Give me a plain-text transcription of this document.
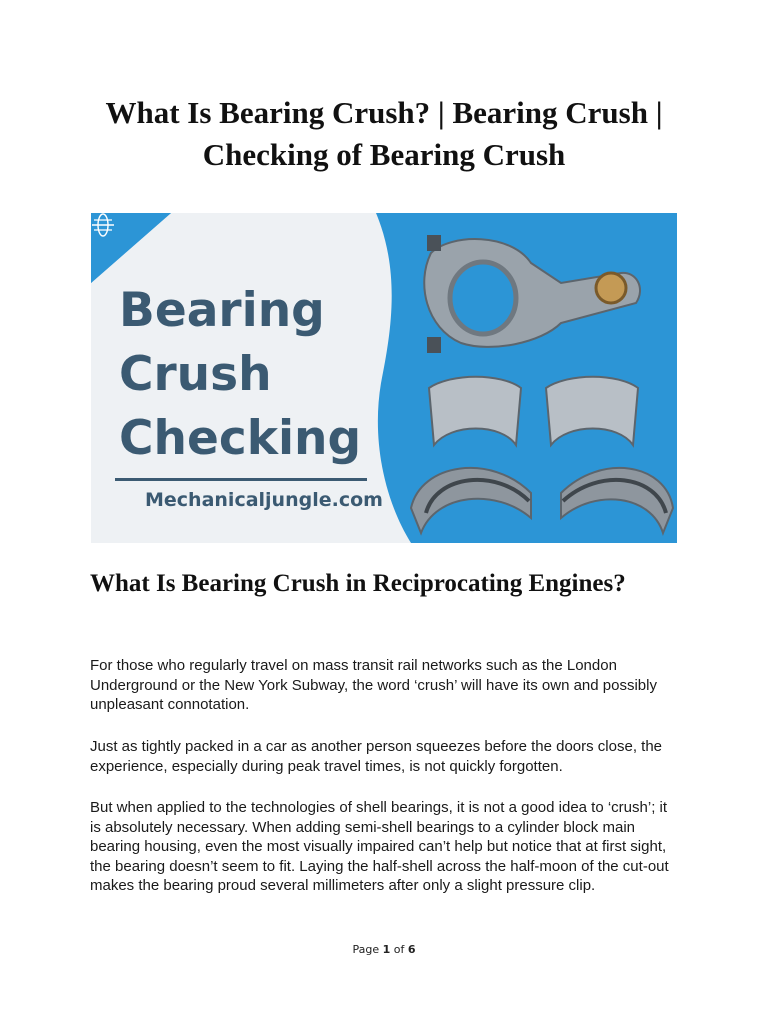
What Is Bearing Crush? | Bearing Crush | Checking of Bearing Crush
Bearing
Crush
Checking
Mechanicaljungle.com
What Is Bearing Crush in Reciprocating Engines?

For those who regularly travel on mass transit rail networks such as the London Underground or the New York Subway, the word ‘crush’ will have its own and possibly unpleasant connotation.

Just as tightly packed in a car as another person squeezes before the doors close, the experience, especially during peak travel times, is not quickly forgotten.

But when applied to the technologies of shell bearings, it is not a good idea to ‘crush’; it is absolutely necessary. When adding semi-shell bearings to a cylinder block main bearing housing, even the most visually impaired can’t help but notice that at first sight, the bearing doesn’t seem to fit. Laying the half-shell across the half-moon of the cut-out makes the bearing proud several millimeters after only a slight pressure clip.

Page 1 of 6
